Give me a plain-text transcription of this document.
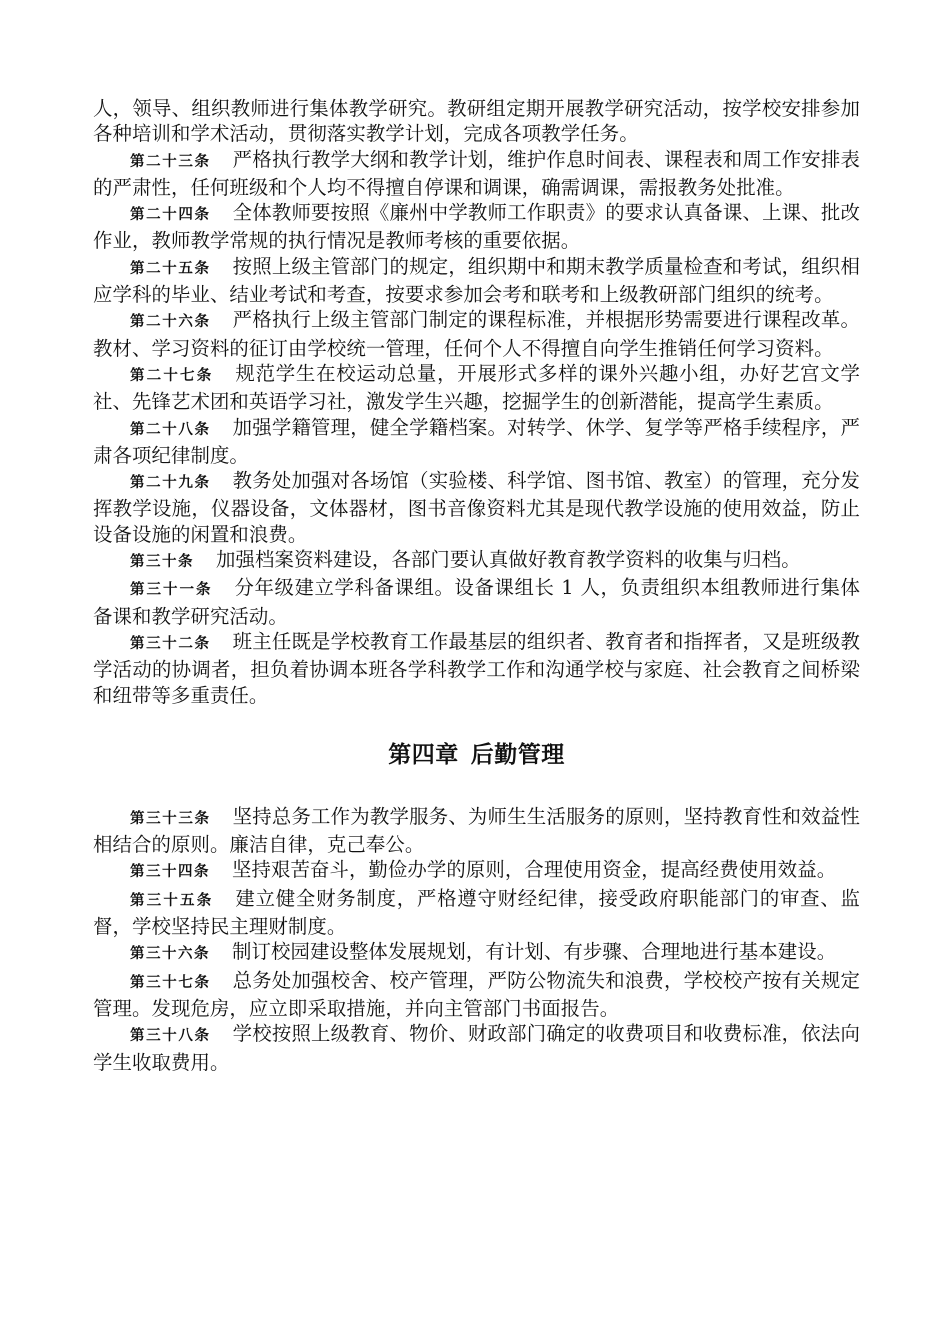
人，领导、组织教师进行集体教学研究。教研组定期开展教学研究活动，按学校安排参加各种培训和学术活动，贯彻落实教学计划，完成各项教学任务。

第二十三条 严格执行教学大纲和教学计划，维护作息时间表、课程表和周工作安排表的严肃性，任何班级和个人均不得擅自停课和调课，确需调课，需报教务处批准。

第二十四条 全体教师要按照《廉州中学教师工作职责》的要求认真备课、上课、批改作业，教师教学常规的执行情况是教师考核的重要依据。

第二十五条 按照上级主管部门的规定，组织期中和期末教学质量检查和考试，组织相应学科的毕业、结业考试和考查，按要求参加会考和联考和上级教研部门组织的统考。

第二十六条 严格执行上级主管部门制定的课程标准，并根据形势需要进行课程改革。教材、学习资料的征订由学校统一管理，任何个人不得擅自向学生推销任何学习资料。

第二十七条 规范学生在校运动总量，开展形式多样的课外兴趣小组，办好艺宫文学社、先锋艺术团和英语学习社，激发学生兴趣，挖掘学生的创新潜能，提高学生素质。

第二十八条 加强学籍管理，健全学籍档案。对转学、休学、复学等严格手续程序，严肃各项纪律制度。

第二十九条 教务处加强对各场馆（实验楼、科学馆、图书馆、教室）的管理，充分发挥教学设施，仪器设备，文体器材，图书音像资料尤其是现代教学设施的使用效益，防止设备设施的闲置和浪费。

第三十条 加强档案资料建设，各部门要认真做好教育教学资料的收集与归档。

第三十一条 分年级建立学科备课组。设备课组长 1 人，负责组织本组教师进行集体备课和教学研究活动。

第三十二条 班主任既是学校教育工作最基层的组织者、教育者和指挥者，又是班级教学活动的协调者，担负着协调本班各学科教学工作和沟通学校与家庭、社会教育之间桥梁和纽带等多重责任。

第四章 后勤管理

第三十三条 坚持总务工作为教学服务、为师生生活服务的原则，坚持教育性和效益性相结合的原则。廉洁自律，克己奉公。

第三十四条 坚持艰苦奋斗，勤俭办学的原则，合理使用资金，提高经费使用效益。

第三十五条 建立健全财务制度，严格遵守财经纪律，接受政府职能部门的审查、监督，学校坚持民主理财制度。

第三十六条 制订校园建设整体发展规划，有计划、有步骤、合理地进行基本建设。

第三十七条 总务处加强校舍、校产管理，严防公物流失和浪费，学校校产按有关规定管理。发现危房，应立即采取措施，并向主管部门书面报告。

第三十八条 学校按照上级教育、物价、财政部门确定的收费项目和收费标准，依法向学生收取费用。
